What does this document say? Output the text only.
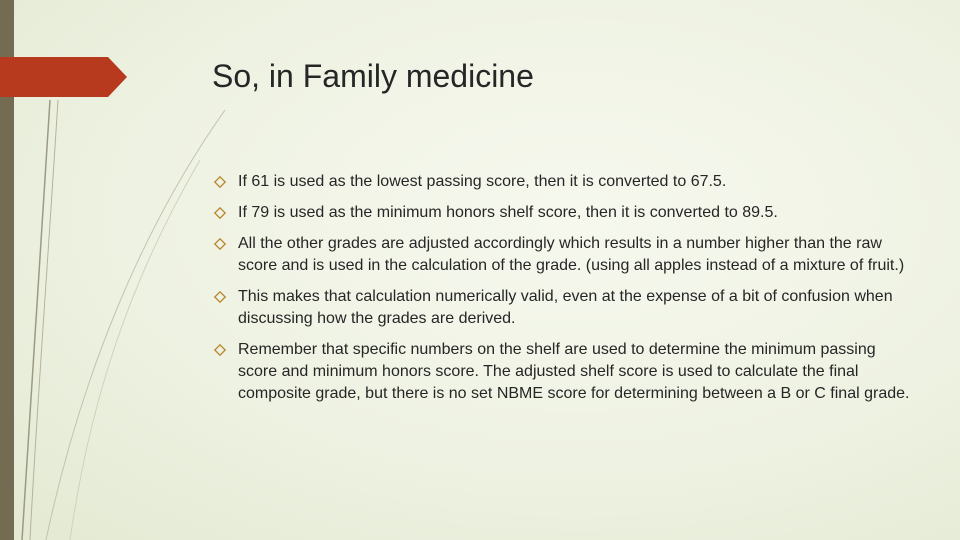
So, in Family medicine
If 61 is used as the lowest passing score, then it is converted to 67.5.
If 79 is used as the minimum honors shelf score, then it is converted to 89.5.
All the other grades are adjusted accordingly which results in a number higher than the raw score and is used in the calculation of the grade. (using all apples instead of a mixture of fruit.)
This makes that calculation numerically valid, even at the expense of a bit of confusion when discussing how the grades are derived.
Remember that specific numbers on the shelf are used to determine the minimum passing score and minimum honors score. The adjusted shelf score is used to calculate the final composite grade, but there is no set NBME score for determining between a B or C final grade.
